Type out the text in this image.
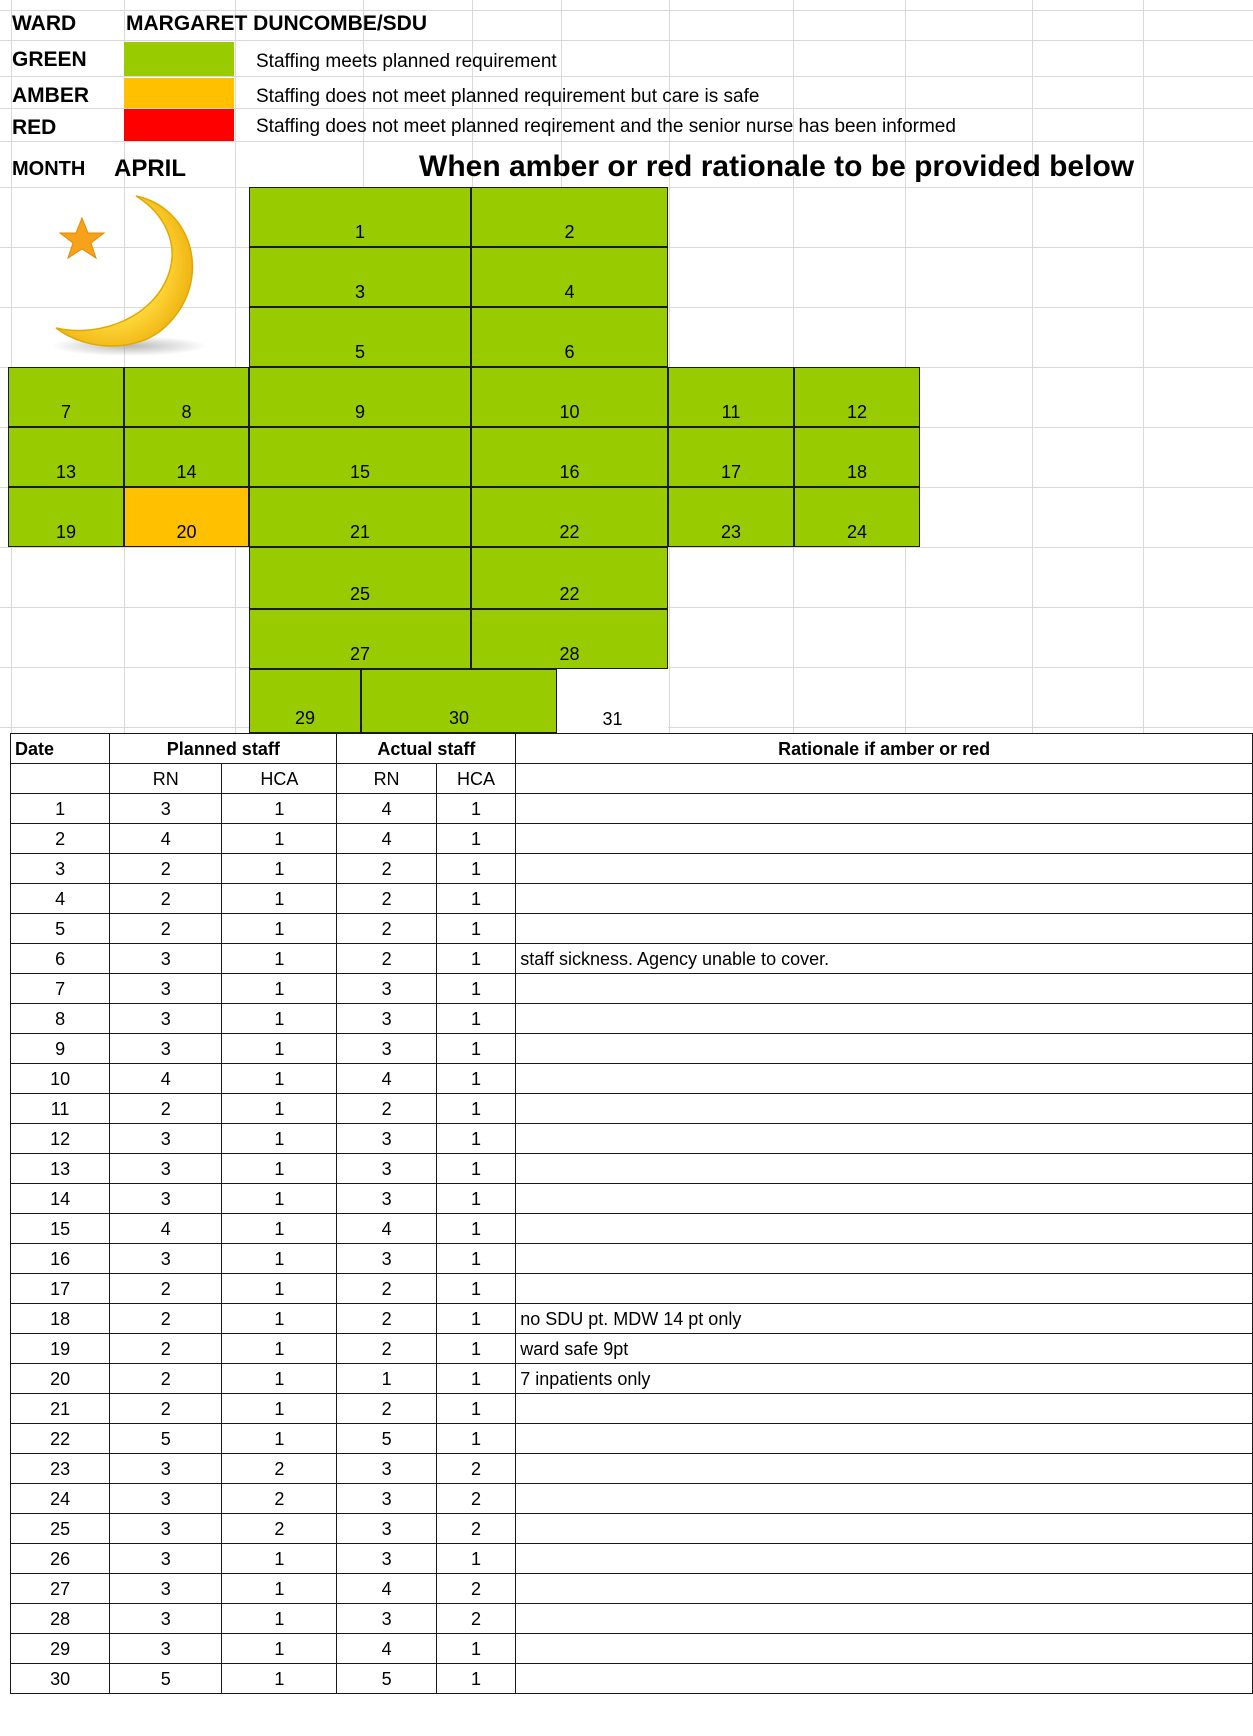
WARD MARGARET DUNCOMBE/SDU
GREEN	Staffing meets planned requirement
AMBER	Staffing does not meet planned requirement but care is safe
RED	Staffing does not meet planned reqirement and the senior nurse has been informed
MONTH APRIL	When amber or red rationale to be provided below
1	2
3	4
5	6
7	8	9	10	11	12
13	14	15	16	17	18
19	20	21	22	23	24
25	22
27	28
29	30	31
Date	Planned staff		Actual staff		Rationale if amber or red
	RN	HCA	RN	HCA	
1	3	1	4	1	
2	4	1	4	1	
3	2	1	2	1	
4	2	1	2	1	
5	2	1	2	1	
6	3	1	2	1	staff sickness. Agency unable to cover.
7	3	1	3	1	
8	3	1	3	1	
9	3	1	3	1	
10	4	1	4	1	
11	2	1	2	1	
12	3	1	3	1	
13	3	1	3	1	
14	3	1	3	1	
15	4	1	4	1	
16	3	1	3	1	
17	2	1	2	1	
18	2	1	2	1	no SDU pt. MDW 14 pt only
19	2	1	2	1	ward safe 9pt
20	2	1	1	1	7 inpatients only
21	2	1	2	1	
22	5	1	5	1	
23	3	2	3	2	
24	3	2	3	2	
25	3	2	3	2	
26	3	1	3	1	
27	3	1	4	2	
28	3	1	3	2	
29	3	1	4	1	
30	5	1	5	1	
